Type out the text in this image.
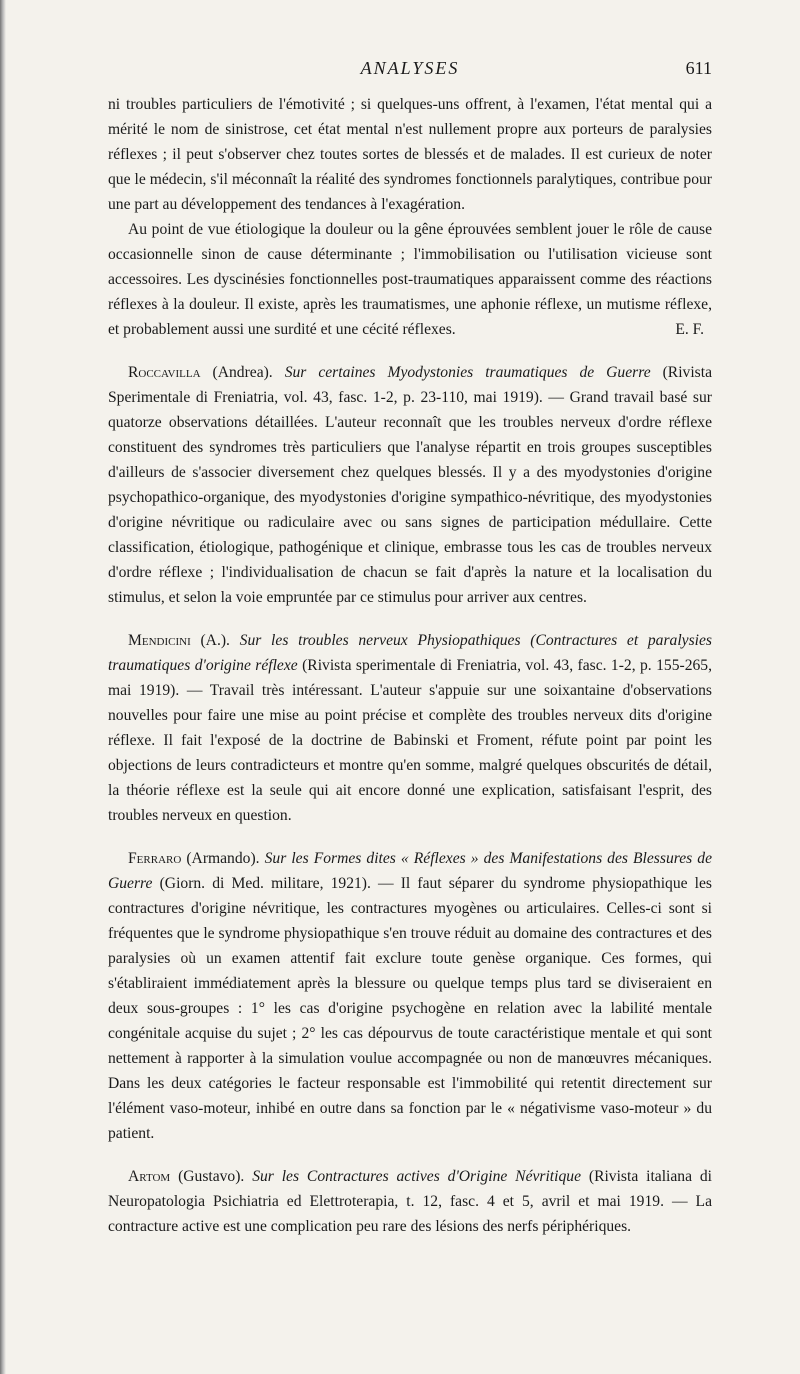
ANALYSES	611

ni troubles particuliers de l'émotivité ; si quelques-uns offrent, à l'examen, l'état mental qui a mérité le nom de sinistrose, cet état mental n'est nullement propre aux porteurs de paralysies réflexes ; il peut s'observer chez toutes sortes de blessés et de malades. Il est curieux de noter que le médecin, s'il méconnaît la réalité des syndromes fonctionnels paralytiques, contribue pour une part au développement des tendances à l'exagération.

Au point de vue étiologique la douleur ou la gêne éprouvées semblent jouer le rôle de cause occasionnelle sinon de cause déterminante ; l'immobilisation ou l'utilisation vicieuse sont accessoires. Les dyscinésies fonctionnelles post-traumatiques apparaissent comme des réactions réflexes à la douleur. Il existe, après les traumatismes, une aphonie réflexe, un mutisme réflexe, et probablement aussi une surdité et une cécité réflexes.	E. F.

Roccavilla (Andrea). Sur certaines Myodystonies traumatiques de Guerre (Rivista Sperimentale di Freniatria, vol. 43, fasc. 1-2, p. 23-110, mai 1919). — Grand travail basé sur quatorze observations détaillées. L'auteur reconnaît que les troubles nerveux d'ordre réflexe constituent des syndromes très particuliers que l'analyse répartit en trois groupes susceptibles d'ailleurs de s'associer diversement chez quelques blessés. Il y a des myodystonies d'origine psychopathico-organique, des myodystonies d'origine sympathico-névritique, des myodystonies d'origine névritique ou radiculaire avec ou sans signes de participation médullaire. Cette classification, étiologique, pathogénique et clinique, embrasse tous les cas de troubles nerveux d'ordre réflexe ; l'individualisation de chacun se fait d'après la nature et la localisation du stimulus, et selon la voie empruntée par ce stimulus pour arriver aux centres.

Mendicini (A.). Sur les troubles nerveux Physiopathiques (Contractures et paralysies traumatiques d'origine réflexe (Rivista sperimentale di Freniatria, vol. 43, fasc. 1-2, p. 155-265, mai 1919). — Travail très intéressant. L'auteur s'appuie sur une soixantaine d'observations nouvelles pour faire une mise au point précise et complète des troubles nerveux dits d'origine réflexe. Il fait l'exposé de la doctrine de Babinski et Froment, réfute point par point les objections de leurs contradicteurs et montre qu'en somme, malgré quelques obscurités de détail, la théorie réflexe est la seule qui ait encore donné une explication, satisfaisant l'esprit, des troubles nerveux en question.

Ferraro (Armando). Sur les Formes dites « Réflexes » des Manifestations des Blessures de Guerre (Giorn. di Med. militare, 1921). — Il faut séparer du syndrome physiopathique les contractures d'origine névritique, les contractures myogènes ou articulaires. Celles-ci sont si fréquentes que le syndrome physiopathique s'en trouve réduit au domaine des contractures et des paralysies où un examen attentif fait exclure toute genèse organique. Ces formes, qui s'établiraient immédiatement après la blessure ou quelque temps plus tard se diviseraient en deux sous-groupes : 1° les cas d'origine psychogène en relation avec la labilité mentale congénitale acquise du sujet ; 2° les cas dépourvus de toute caractéristique mentale et qui sont nettement à rapporter à la simulation voulue accompagnée ou non de manœuvres mécaniques. Dans les deux catégories le facteur responsable est l'immobilité qui retentit directement sur l'élément vaso-moteur, inhibé en outre dans sa fonction par le « négativisme vaso-moteur » du patient.

Artom (Gustavo). Sur les Contractures actives d'Origine Névritique (Rivista italiana di Neuropatologia Psichiatria ed Elettroterapia, t. 12, fasc. 4 et 5, avril et mai 1919. — La contracture active est une complication peu rare des lésions des nerfs périphériques.
